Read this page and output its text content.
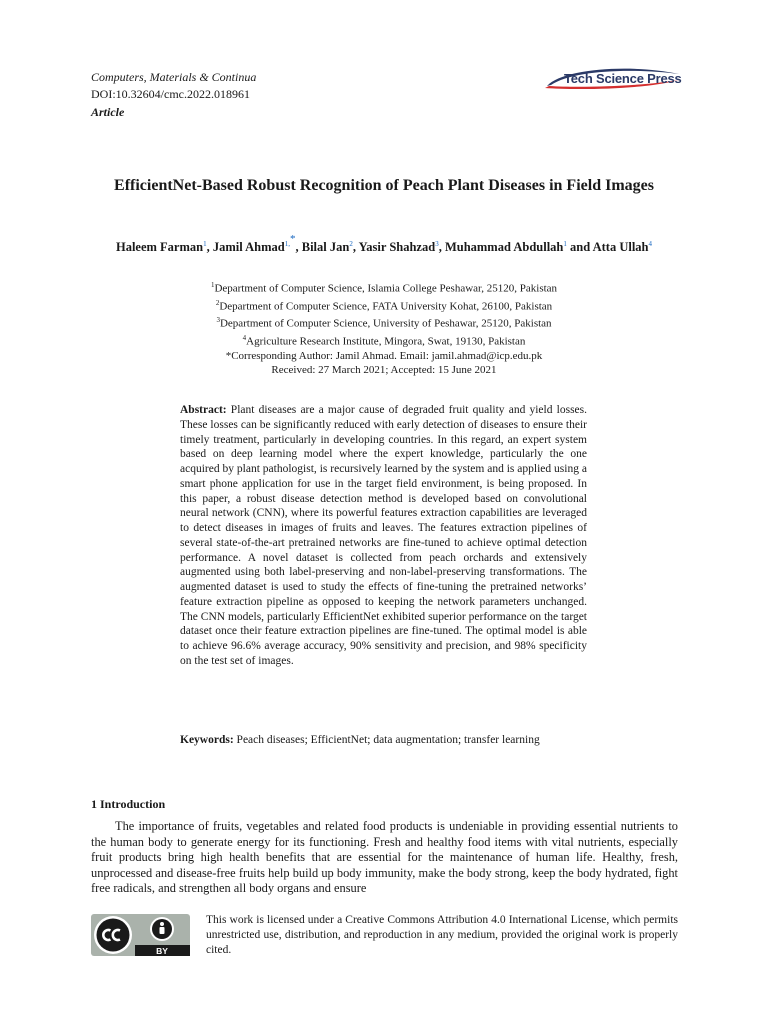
Computers, Materials & Continua
DOI:10.32604/cmc.2022.018961
Article
Tech Science Press
EfficientNet-Based Robust Recognition of Peach Plant Diseases in Field Images
Haleem Farman$^1$, Jamil Ahmad$^{1,^*}$, Bilal Jan$^2$, Yasir Shahzad$^3$, Muhammad Abdullah$^1$ and Atta Ullah$^4$
$^1$Department of Computer Science, Islamia College Peshawar, 25120, Pakistan
$^2$Department of Computer Science, FATA University Kohat, 26100, Pakistan
$^3$Department of Computer Science, University of Peshawar, 25120, Pakistan
$^4$Agriculture Research Institute, Mingora, Swat, 19130, Pakistan
*Corresponding Author: Jamil Ahmad. Email: jamil.ahmad@icp.edu.pk
Received: 27 March 2021; Accepted: 15 June 2021
Abstract: Plant diseases are a major cause of degraded fruit quality and yield losses. These losses can be significantly reduced with early detection of diseases to ensure their timely treatment, particularly in developing countries. In this regard, an expert system based on deep learning model where the expert knowledge, particularly the one acquired by plant pathologist, is recursively learned by the system and is applied using a smart phone application for use in the target field environment, is being proposed. In this paper, a robust disease detection method is developed based on convolutional neural network (CNN), where its powerful features extraction capabilities are leveraged to detect diseases in images of fruits and leaves. The features extraction pipelines of several state-of-the-art pretrained networks are fine-tuned to achieve optimal detection performance. A novel dataset is collected from peach orchards and extensively augmented using both label-preserving and non-label-preserving transformations. The augmented dataset is used to study the effects of fine-tuning the pretrained networks’ feature extraction pipeline as opposed to keeping the network parameters unchanged. The CNN models, particularly EfficientNet exhibited superior performance on the target dataset once their feature extraction pipelines are fine-tuned. The optimal model is able to achieve 96.6% average accuracy, 90% sensitivity and precision, and 98% specificity on the test set of images.
Keywords: Peach diseases; EfficientNet; data augmentation; transfer learning
1 Introduction
The importance of fruits, vegetables and related food products is undeniable in providing essential nutrients to the human body to generate energy for its functioning. Fresh and healthy food items with vital nutrients, especially fruit products bring high health benefits that are essential for the maintenance of human life. Healthy, fresh, unprocessed and disease-free fruits help build up body immunity, make the body strong, keep the body hydrated, fight free radicals, and strengthen all body organs and ensure
BY
This work is licensed under a Creative Commons Attribution 4.0 International License, which permits unrestricted use, distribution, and reproduction in any medium, provided the original work is properly cited.
